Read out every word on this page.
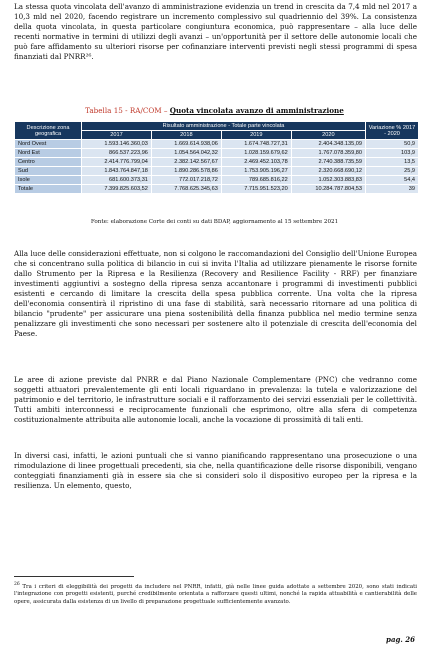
La stessa quota vincolata dell'avanzo di amministrazione evidenzia un trend in crescita da 7,4 mld nel 2017 a 10,3 mld nel 2020, facendo registrare un incremento complessivo sul quadriennio del 39%. La consistenza della quota vincolata, in questa particolare congiuntura economica, può rappresentare – alla luce delle recenti normative in termini di utilizzi degli avanzi – un'opportunità per il settore delle autonomie locali che può fare affidamento su ulteriori risorse per cofinanziare interventi previsti negli stessi programmi di spesa finanziati dal PNRR²⁶.

Tabella 15 - RA/COM – Quota vincolata avanzo di amministrazione

Descrizione zona geografica	Risultato amministrazione - Totale parte vincolata				Variazione % 2017 - 2020
	2017	2018	2019	2020	
Nord Ovest	1.593.146.360,03	1.669.614.938,06	1.674.748.727,31	2.404.348.135,09	50,9
Nord Est	866.537.223,96	1.054.564.042,32	1.028.159.679,62	1.767.078.359,80	103,9
Centro	2.414.776.799,04	2.382.142.567,67	2.469.452.103,78	2.740.388.735,59	13,5
Sud	1.843.764.847,18	1.890.286.578,86	1.753.905.196,27	2.320.668.690,12	25,9
Isole	681.600.373,31	772.017.218,72	789.685.816,22	1.052.303.883,83	54,4
Totale	7.399.825.603,52	7.768.625.345,63	7.715.951.523,20	10.284.787.804,53	39

Fonte: elaborazione Corte dei conti su dati BDAP, aggiornamento al 15 settembre 2021

Alla luce delle considerazioni effettuate, non si colgono le raccomandazioni del Consiglio dell'Unione Europea che si concentrano sulla politica di bilancio in cui si invita l'Italia ad utilizzare pienamente le risorse fornite dallo Strumento per la Ripresa e la Resilienza (Recovery and Resilience Facility - RRF) per finanziare investimenti aggiuntivi a sostegno della ripresa senza accantonare i programmi di investimenti pubblici esistenti e cercando di limitare la crescita della spesa pubblica corrente. Una volta che la ripresa dell'economia consentirà il ripristino di una fase di stabilità, sarà necessario ritornare ad una politica di bilancio "prudente" per assicurare una piena sostenibilità della finanza pubblica nel medio termine senza penalizzare gli investimenti che sono necessari per sostenere alto il potenziale di crescita dell'economia del Paese.

Le aree di azione previste dal PNRR e dal Piano Nazionale Complementare (PNC) che vedranno come soggetti attuatori prevalentemente gli enti locali riguardano in prevalenza: la tutela e valorizzazione del patrimonio e del territorio, le infrastrutture sociali e il rafforzamento dei servizi essenziali per le collettività. Tutti ambiti interconnessi e reciprocamente funzionali che esprimono, oltre alla sfera di competenza costituzionalmente attribuita alle autonomie locali, anche la vocazione di prossimità di tali enti.

In diversi casi, infatti, le azioni puntuali che si vanno pianificando rappresentano una prosecuzione o una rimodulazione di linee progettuali precedenti, sia che, nella quantificazione delle risorse disponibili, vengano conteggiati finanziamenti già in essere sia che si consideri solo il dispositivo europeo per la ripresa e la resilienza. Un elemento, questo,

$^{26}$ Tra i criteri di eleggibilità dei progetti da includere nel PNRR, infatti, già nelle linee guida adottate a settembre 2020, sono stati indicati l'integrazione con progetti esistenti, purché credibilmente orientata a rafforzare questi ultimi, nonché la rapida attuabilità e cantierabilità delle opere, assicurata dalla esistenza di un livello di preparazione progettuale sufficientemente avanzato.

pag. 26
